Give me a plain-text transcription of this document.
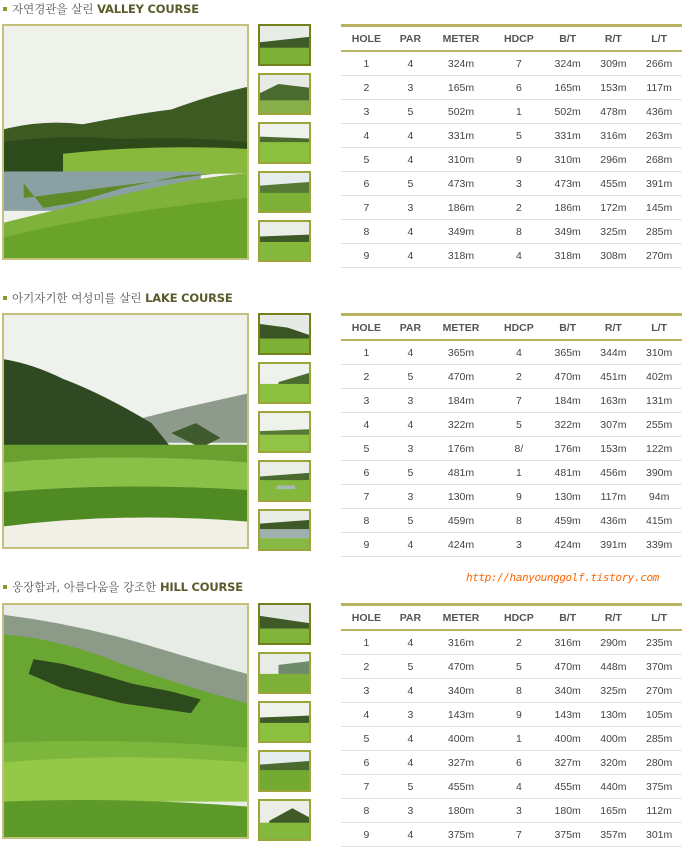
자연경관을 살린 VALLEY COURSE
HOLE	PAR	METER	HDCP	B/T	R/T	L/T
1	4	324m	7	324m	309m	266m
2	3	165m	6	165m	153m	117m
3	5	502m	1	502m	478m	436m
4	4	331m	5	331m	316m	263m
5	4	310m	9	310m	296m	268m
6	5	473m	3	473m	455m	391m
7	3	186m	2	186m	172m	145m
8	4	349m	8	349m	325m	285m
9	4	318m	4	318m	308m	270m
아기자기한 여성미를 살린 LAKE COURSE
HOLE	PAR	METER	HDCP	B/T	R/T	L/T
1	4	365m	4	365m	344m	310m
2	5	470m	2	470m	451m	402m
3	3	184m	7	184m	163m	131m
4	4	322m	5	322m	307m	255m
5	3	176m	8/	176m	153m	122m
6	5	481m	1	481m	456m	390m
7	3	130m	9	130m	117m	94m
8	5	459m	8	459m	436m	415m
9	4	424m	3	424m	391m	339m
http://hanyounggolf.tistory.com
웅장함과, 아름다움을 강조한 HILL COURSE
HOLE	PAR	METER	HDCP	B/T	R/T	L/T
1	4	316m	2	316m	290m	235m
2	5	470m	5	470m	448m	370m
3	4	340m	8	340m	325m	270m
4	3	143m	9	143m	130m	105m
5	4	400m	1	400m	400m	285m
6	4	327m	6	327m	320m	280m
7	5	455m	4	455m	440m	375m
8	3	180m	3	180m	165m	112m
9	4	375m	7	375m	357m	301m
